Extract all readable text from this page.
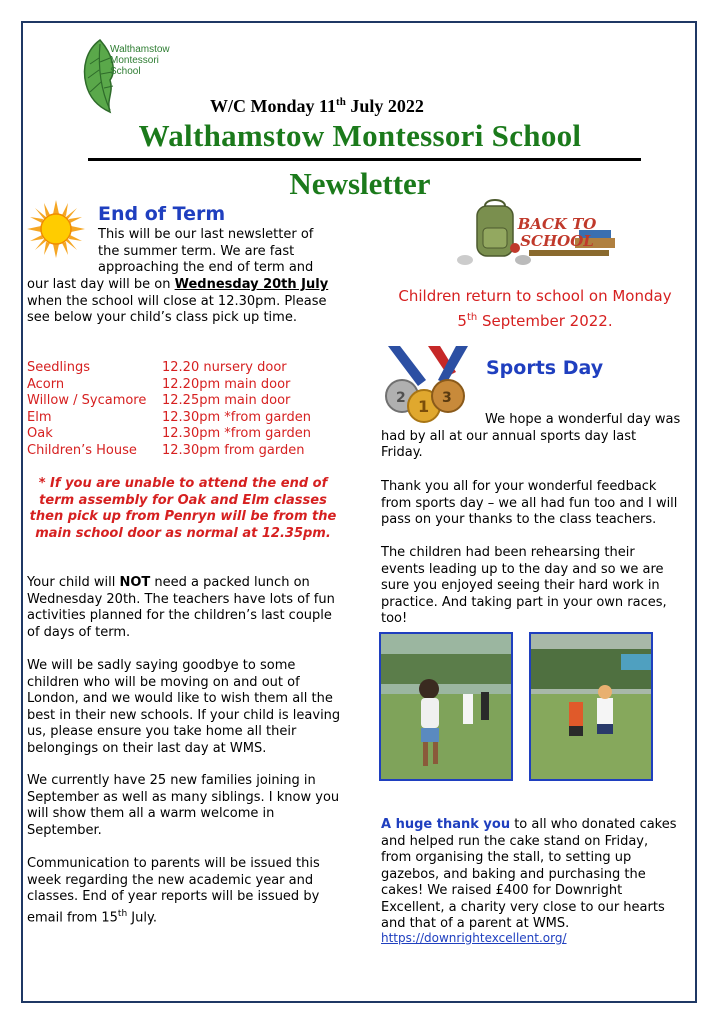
Walthamstow Montessori School
W/C Monday 11th July 2022
Walthamstow Montessori School
Newsletter
End of Term

This will be our last newsletter of the summer term. We are fast approaching the end of term and

our last day will be on Wednesday 20th July when the school will close at 12.30pm. Please see below your child’s class pick up time.

Seedlings	12.20 nursery door
Acorn	12.20pm main door
Willow / Sycamore	12.25pm main door
Elm	12.30pm *from garden
Oak	12.30pm *from garden
Children’s House	12.30pm from garden
* If you are unable to attend the end of term assembly for Oak and Elm classes then pick up from Penryn will be from the main school door as normal at 12.35pm.

Your child will NOT need a packed lunch on Wednesday 20th. The teachers have lots of fun activities planned for the children’s last couple of days of term.

We will be sadly saying goodbye to some children who will be moving on and out of London, and we would like to wish them all the best in their new schools. If your child is leaving us, please ensure you take home all their belongings on their last day at WMS.

We currently have 25 new families joining in September as well as many siblings. I know you will show them all a warm welcome in September.

Communication to parents will be issued this week regarding the new academic year and classes. End of year reports will be issued by email from 15th July.

BACK TO SCHOOL
Children return to school on Monday
5th September 2022.
1
2	3
Sports Day

We hope a wonderful day was had by all at our annual sports day last Friday.

Thank you all for your wonderful feedback from sports day – we all had fun too and I will pass on your thanks to the class teachers.

The children had been rehearsing their events leading up to the day and so we are sure you enjoyed seeing their hard work in practice. And taking part in your own races, too!

A huge thank you to all who donated cakes and helped run the cake stand on Friday, from organising the stall, to setting up gazebos, and baking and purchasing the cakes! We raised £400 for Downright Excellent, a charity very close to our hearts and that of a parent at WMS.

https://downrightexcellent.org/
